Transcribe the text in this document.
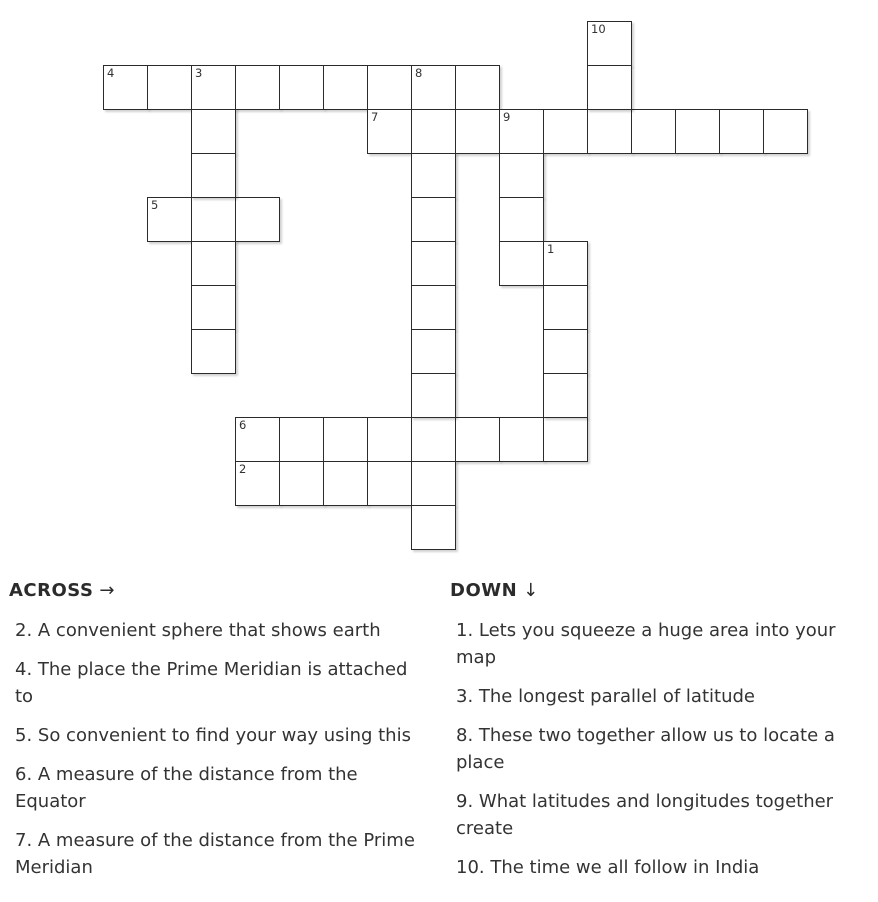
4	3	8
7	9
5
6
2
10
1
ACROSS →	DOWN ↓
2. A convenient sphere that shows earth
4. The place the Prime Meridian is attached to
5. So convenient to find your way using this
6. A measure of the distance from the Equator
7. A measure of the distance from the Prime Meridian
1. Lets you squeeze a huge area into your map
3. The longest parallel of latitude
8. These two together allow us to locate a place
9. What latitudes and longitudes together create
10. The time we all follow in India
